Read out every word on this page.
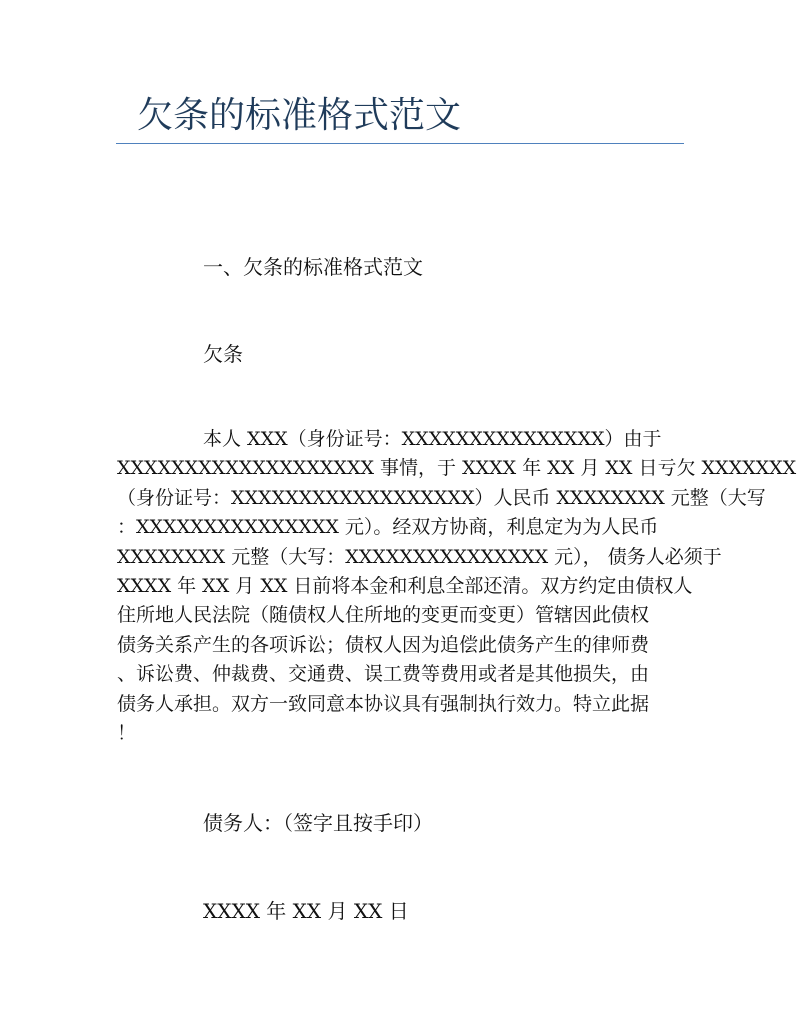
欠条的标准格式范文
一、欠条的标准格式范文

欠条

本人 XXX（身份证号：XXXXXXXXXXXXXXX）由于
XXXXXXXXXXXXXXXXXXX 事情，于 XXXX 年 XX 月 XX 日亏欠 XXXXXXX
（身份证号：XXXXXXXXXXXXXXXXXX）人民币 XXXXXXXX 元整（大写
：XXXXXXXXXXXXXXX 元）。经双方协商，利息定为为人民币
XXXXXXXX 元整（大写：XXXXXXXXXXXXXXX 元）， 债务人必须于
XXXX 年 XX 月 XX 日前将本金和利息全部还清。双方约定由债权人
住所地人民法院（随债权人住所地的变更而变更）管辖因此债权
债务关系产生的各项诉讼；债权人因为追偿此债务产生的律师费
、诉讼费、仲裁费、交通费、误工费等费用或者是其他损失，由
债务人承担。双方一致同意本协议具有强制执行效力。特立此据
！

债务人：（签字且按手印）

XXXX 年 XX 月 XX 日
